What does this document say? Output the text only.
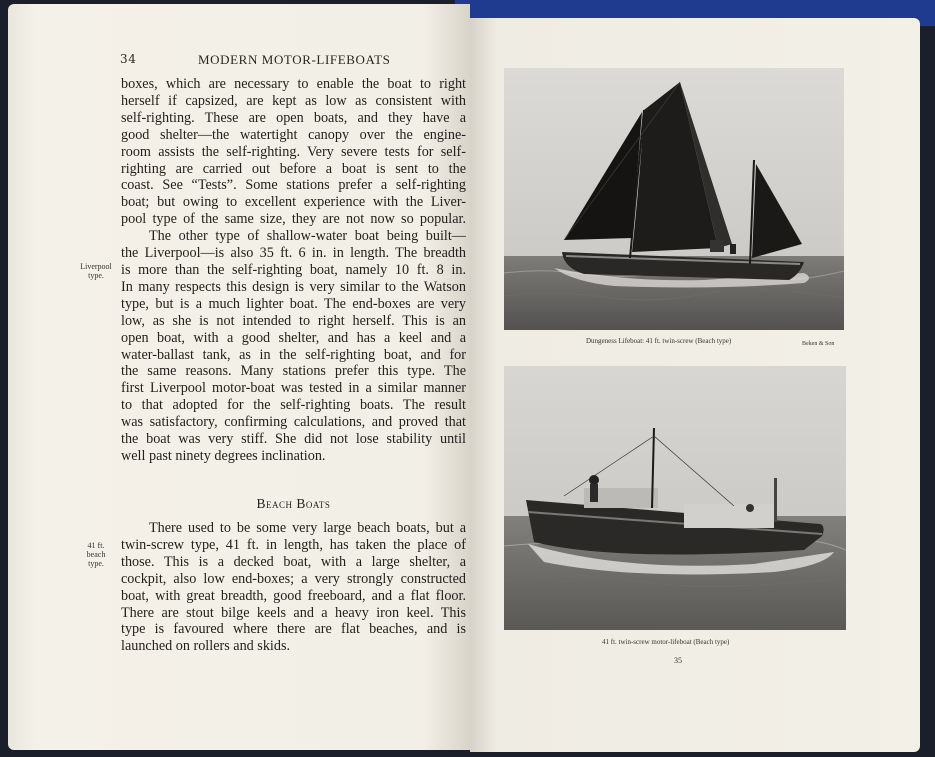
34	MODERN MOTOR-LIFEBOATS
boxes, which are necessary to enable the boat to right
herself if capsized, are kept as low as consistent with
self-righting. These are open boats, and they have a
good shelter—the watertight canopy over the engine-
room assists the self-righting. Very severe tests for self-
righting are carried out before a boat is sent to the
coast. See “Tests”. Some stations prefer a self-righting
boat; but owing to excellent experience with the Liver-
pool type of the same size, they are not now so popular.
The other type of shallow-water boat being built—
the Liverpool—is also 35 ft. 6 in. in length. The breadth
is more than the self-righting boat, namely 10 ft. 8 in.
In many respects this design is very similar to the Watson
type, but is a much lighter boat. The end-boxes are very
low, as she is not intended to right herself. This is an
open boat, with a good shelter, and has a keel and a
water-ballast tank, as in the self-righting boat, and for
the same reasons. Many stations prefer this type. The
first Liverpool motor-boat was tested in a similar manner
to that adopted for the self-righting boats. The result
was satisfactory, confirming calculations, and proved that
the boat was very stiff. She did not lose stability until
well past ninety degrees inclination.
Liverpool
type.
Beach Boats
There used to be some very large beach boats, but a
twin-screw type, 41 ft. in length, has taken the place of
those. This is a decked boat, with a large shelter, a
cockpit, also low end-boxes; a very strongly constructed
boat, with great breadth, good freeboard, and a flat floor.
There are stout bilge keels and a heavy iron keel. This
type is favoured where there are flat beaches, and is
launched on rollers and skids.
41 ft.
beach
type.
Dungeness Lifeboat: 41 ft. twin-screw (Beach type)	Beken & Son
41 ft. twin-screw motor-lifeboat (Beach type)
35
